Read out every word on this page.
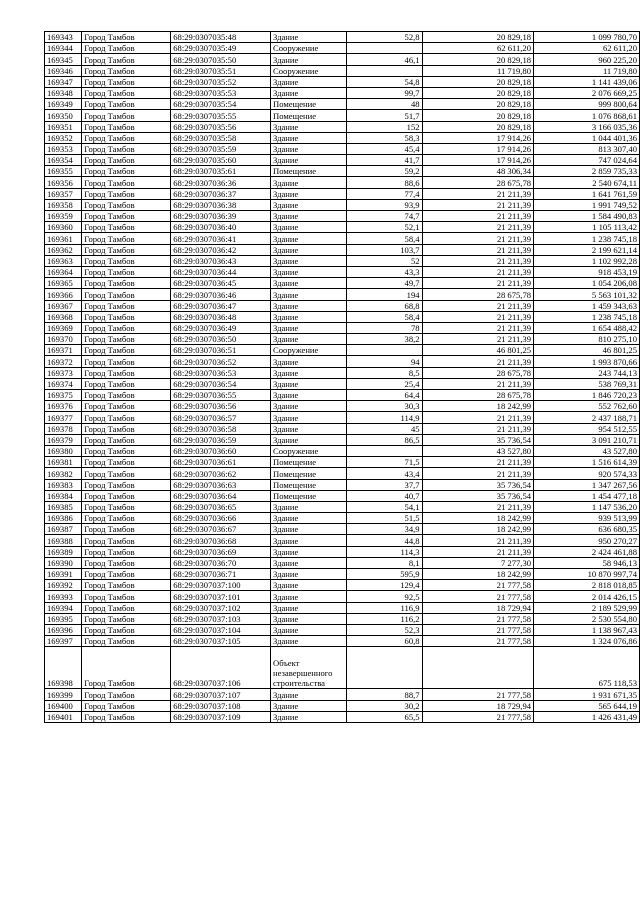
169343	Город Тамбов	68:29:0307035:48	Здание	52,8	20 829,18	1 099 780,70
169344	Город Тамбов	68:29:0307035:49	Сооружение		62 611,20	62 611,20
169345	Город Тамбов	68:29:0307035:50	Здание	46,1	20 829,18	960 225,20
169346	Город Тамбов	68:29:0307035:51	Сооружение		11 719,80	11 719,80
169347	Город Тамбов	68:29:0307035:52	Здание	54,8	20 829,18	1 141 439,06
169348	Город Тамбов	68:29:0307035:53	Здание	99,7	20 829,18	2 076 669,25
169349	Город Тамбов	68:29:0307035:54	Помещение	48	20 829,18	999 800,64
169350	Город Тамбов	68:29:0307035:55	Помещение	51,7	20 829,18	1 076 868,61
169351	Город Тамбов	68:29:0307035:56	Здание	152	20 829,18	3 166 035,36
169352	Город Тамбов	68:29:0307035:58	Здание	58,3	17 914,26	1 044 401,36
169353	Город Тамбов	68:29:0307035:59	Здание	45,4	17 914,26	813 307,40
169354	Город Тамбов	68:29:0307035:60	Здание	41,7	17 914,26	747 024,64
169355	Город Тамбов	68:29:0307035:61	Помещение	59,2	48 306,34	2 859 735,33
169356	Город Тамбов	68:29:0307036:36	Здание	88,6	28 675,78	2 540 674,11
169357	Город Тамбов	68:29:0307036:37	Здание	77,4	21 211,39	1 641 761,59
169358	Город Тамбов	68:29:0307036:38	Здание	93,9	21 211,39	1 991 749,52
169359	Город Тамбов	68:29:0307036:39	Здание	74,7	21 211,39	1 584 490,83
169360	Город Тамбов	68:29:0307036:40	Здание	52,1	21 211,39	1 105 113,42
169361	Город Тамбов	68:29:0307036:41	Здание	58,4	21 211,39	1 238 745,18
169362	Город Тамбов	68:29:0307036:42	Здание	103,7	21 211,39	2 199 621,14
169363	Город Тамбов	68:29:0307036:43	Здание	52	21 211,39	1 102 992,28
169364	Город Тамбов	68:29:0307036:44	Здание	43,3	21 211,39	918 453,19
169365	Город Тамбов	68:29:0307036:45	Здание	49,7	21 211,39	1 054 206,08
169366	Город Тамбов	68:29:0307036:46	Здание	194	28 675,78	5 563 101,32
169367	Город Тамбов	68:29:0307036:47	Здание	68,8	21 211,39	1 459 343,63
169368	Город Тамбов	68:29:0307036:48	Здание	58,4	21 211,39	1 238 745,18
169369	Город Тамбов	68:29:0307036:49	Здание	78	21 211,39	1 654 488,42
169370	Город Тамбов	68:29:0307036:50	Здание	38,2	21 211,39	810 275,10
169371	Город Тамбов	68:29:0307036:51	Сооружение		46 801,25	46 801,25
169372	Город Тамбов	68:29:0307036:52	Здание	94	21 211,39	1 993 870,66
169373	Город Тамбов	68:29:0307036:53	Здание	8,5	28 675,78	243 744,13
169374	Город Тамбов	68:29:0307036:54	Здание	25,4	21 211,39	538 769,31
169375	Город Тамбов	68:29:0307036:55	Здание	64,4	28 675,78	1 846 720,23
169376	Город Тамбов	68:29:0307036:56	Здание	30,3	18 242,99	552 762,60
169377	Город Тамбов	68:29:0307036:57	Здание	114,9	21 211,39	2 437 188,71
169378	Город Тамбов	68:29:0307036:58	Здание	45	21 211,39	954 512,55
169379	Город Тамбов	68:29:0307036:59	Здание	86,5	35 736,54	3 091 210,71
169380	Город Тамбов	68:29:0307036:60	Сооружение		43 527,80	43 527,80
169381	Город Тамбов	68:29:0307036:61	Помещение	71,5	21 211,39	1 516 614,39
169382	Город Тамбов	68:29:0307036:62	Помещение	43,4	21 211,39	920 574,33
169383	Город Тамбов	68:29:0307036:63	Помещение	37,7	35 736,54	1 347 267,56
169384	Город Тамбов	68:29:0307036:64	Помещение	40,7	35 736,54	1 454 477,18
169385	Город Тамбов	68:29:0307036:65	Здание	54,1	21 211,39	1 147 536,20
169386	Город Тамбов	68:29:0307036:66	Здание	51,5	18 242,99	939 513,99
169387	Город Тамбов	68:29:0307036:67	Здание	34,9	18 242,99	636 680,35
169388	Город Тамбов	68:29:0307036:68	Здание	44,8	21 211,39	950 270,27
169389	Город Тамбов	68:29:0307036:69	Здание	114,3	21 211,39	2 424 461,88
169390	Город Тамбов	68:29:0307036:70	Здание	8,1	7 277,30	58 946,13
169391	Город Тамбов	68:29:0307036:71	Здание	595,9	18 242,99	10 870 997,74
169392	Город Тамбов	68:29:0307037:100	Здание	129,4	21 777,58	2 818 018,85
169393	Город Тамбов	68:29:0307037:101	Здание	92,5	21 777,58	2 014 426,15
169394	Город Тамбов	68:29:0307037:102	Здание	116,9	18 729,94	2 189 529,99
169395	Город Тамбов	68:29:0307037:103	Здание	116,2	21 777,58	2 530 554,80
169396	Город Тамбов	68:29:0307037:104	Здание	52,3	21 777,58	1 138 967,43
169397	Город Тамбов	68:29:0307037:105	Здание	60,8	21 777,58	1 324 076,86
169398	Город Тамбов	68:29:0307037:106	Объект незавершенного строительства			675 118,53
169399	Город Тамбов	68:29:0307037:107	Здание	88,7	21 777,58	1 931 671,35
169400	Город Тамбов	68:29:0307037:108	Здание	30,2	18 729,94	565 644,19
169401	Город Тамбов	68:29:0307037:109	Здание	65,5	21 777,58	1 426 431,49
